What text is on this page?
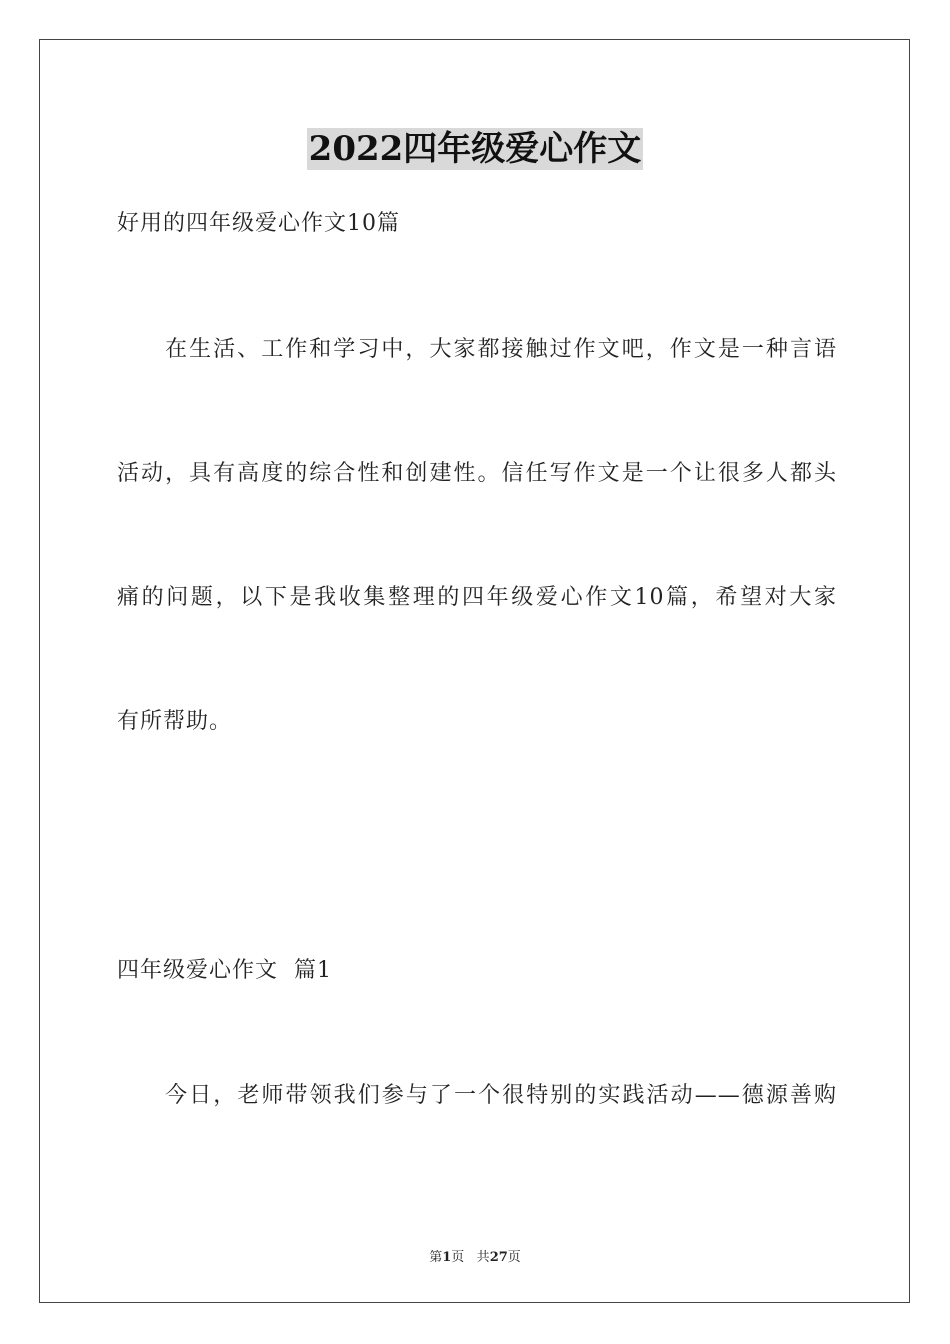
2022四年级爱心作文
好用的四年级爱心作文10篇
　　在生活、工作和学习中，大家都接触过作文吧，作文是一种言语
活动，具有高度的综合性和创建性。信任写作文是一个让很多人都头
痛的问题，以下是我收集整理的四年级爱心作文10篇，希望对大家
有所帮助。
四年级爱心作文  篇1
　　今日，老师带领我们参与了一个很特别的实践活动——德源善购
第1页 共27页
